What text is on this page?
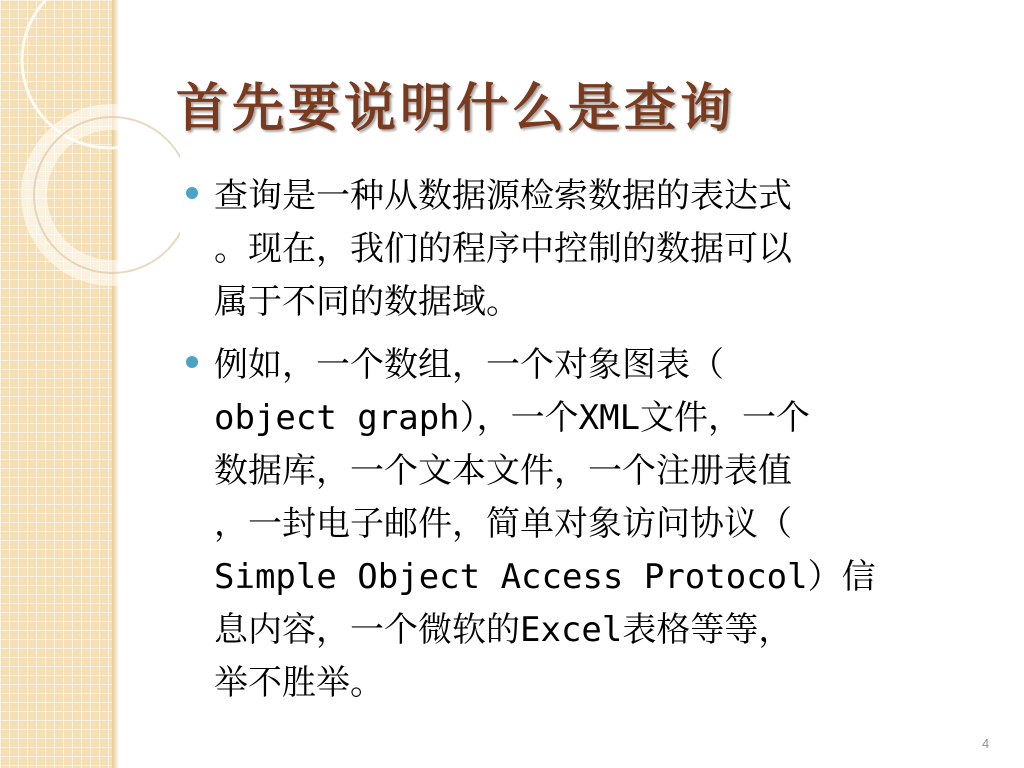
首先要说明什么是查询
查询是一种从数据源检索数据的表达式
。现在，我们的程序中控制的数据可以
属于不同的数据域。
例如，一个数组，一个对象图表（
object graph），一个XML文件，一个
数据库，一个文本文件，一个注册表值
，一封电子邮件，简单对象访问协议（
Simple Object Access Protocol）信
息内容，一个微软的Excel表格等等，
举不胜举。
4
